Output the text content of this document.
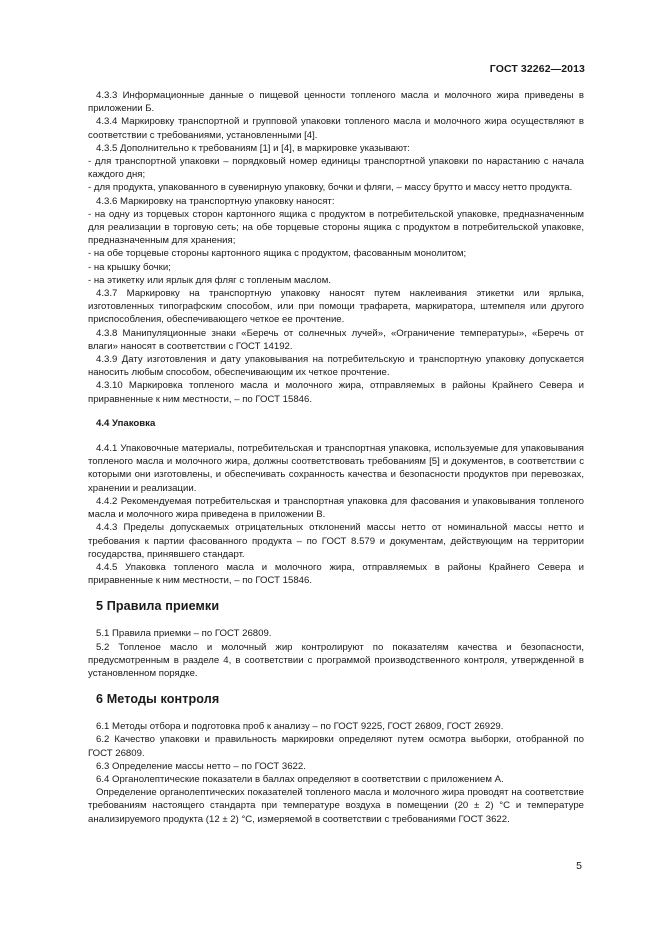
ГОСТ 32262—2013

4.3.3 Информационные данные о пищевой ценности топленого масла и молочного жира приведены в приложении Б.

4.3.4 Маркировку транспортной и групповой упаковки топленого масла и молочного жира осуществляют в соответствии с требованиями, установленными [4].

4.3.5 Дополнительно к требованиям [1] и [4], в маркировке указывают:

- для транспортной упаковки – порядковый номер единицы транспортной упаковки по нарастанию с начала каждого дня;

- для продукта, упакованного в сувенирную упаковку, бочки и фляги, – массу брутто и массу нетто продукта.

4.3.6 Маркировку на транспортную упаковку наносят:

- на одну из торцевых сторон картонного ящика с продуктом в потребительской упаковке, предназначенным для реализации в торговую сеть; на обе торцевые стороны ящика с продуктом в потребительской упаковке, предназначенным для хранения;

- на обе торцевые стороны картонного ящика с продуктом, фасованным монолитом;

- на крышку бочки;

- на этикетку или ярлык для фляг с топленым маслом.

4.3.7 Маркировку на транспортную упаковку наносят путем наклеивания этикетки или ярлыка, изготовленных типографским способом, или при помощи трафарета, маркиратора, штемпеля или другого приспособления, обеспечивающего четкое ее прочтение.

4.3.8 Манипуляционные знаки «Беречь от солнечных лучей», «Ограничение температуры», «Беречь от влаги» наносят в соответствии с ГОСТ 14192.

4.3.9 Дату изготовления и дату упаковывания на потребительскую и транспортную упаковку допускается наносить любым способом, обеспечивающим их четкое прочтение.

4.3.10 Маркировка топленого масла и молочного жира, отправляемых в районы Крайнего Севера и приравненные к ним местности, – по ГОСТ 15846.

4.4 Упаковка

4.4.1 Упаковочные материалы, потребительская и транспортная упаковка, используемые для упаковывания топленого масла и молочного жира, должны соответствовать требованиям [5] и документов, в соответствии с которыми они изготовлены, и обеспечивать сохранность качества и безопасности продуктов при перевозках, хранении и реализации.

4.4.2 Рекомендуемая потребительская и транспортная упаковка для фасования и упаковывания топленого масла и молочного жира приведена в приложении В.

4.4.3 Пределы допускаемых отрицательных отклонений массы нетто от номинальной массы нетто и требования к партии фасованного продукта – по ГОСТ 8.579 и документам, действующим на территории государства, принявшего стандарт.

4.4.5 Упаковка топленого масла и молочного жира, отправляемых в районы Крайнего Севера и приравненные к ним местности, – по ГОСТ 15846.

5 Правила приемки

5.1 Правила приемки – по ГОСТ 26809.

5.2 Топленое масло и молочный жир контролируют по показателям качества и безопасности, предусмотренным в разделе 4, в соответствии с программой производственного контроля, утвержденной в установленном порядке.

6 Методы контроля

6.1 Методы отбора и подготовка проб к анализу – по ГОСТ 9225, ГОСТ 26809, ГОСТ 26929.

6.2 Качество упаковки и правильность маркировки определяют путем осмотра выборки, отобранной по ГОСТ 26809.

6.3 Определение массы нетто – по ГОСТ 3622.

6.4 Органолептические показатели в баллах определяют в соответствии с приложением А.

Определение органолептических показателей топленого масла и молочного жира проводят на соответствие требованиям настоящего стандарта при температуре воздуха в помещении (20 ± 2) °С и температуре анализируемого продукта (12 ± 2) °С, измеряемой в соответствии с требованиями ГОСТ 3622.

5
